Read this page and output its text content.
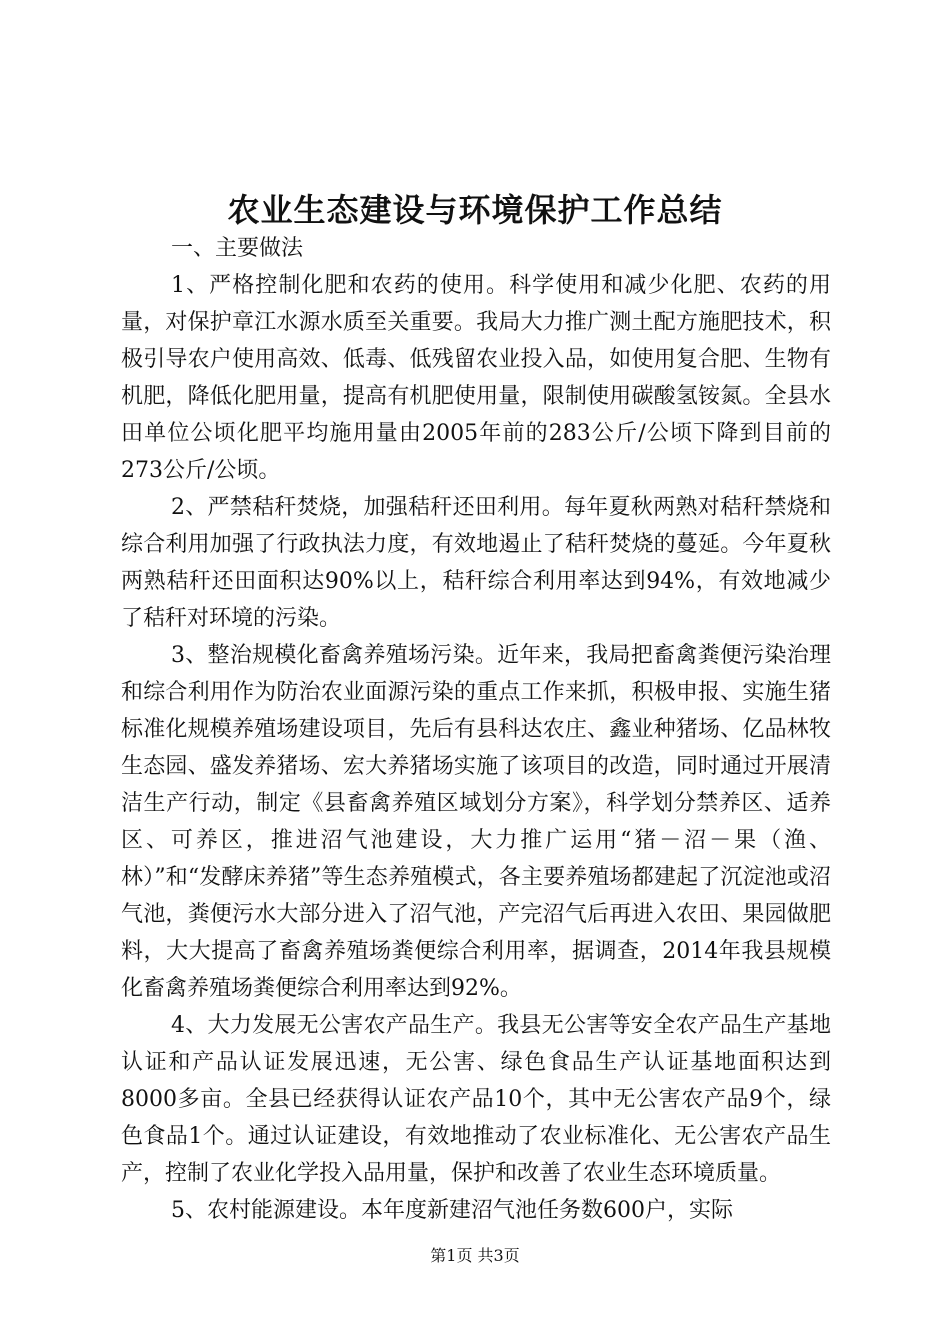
农业生态建设与环境保护工作总结

一、主要做法

1、严格控制化肥和农药的使用。科学使用和减少化肥、农药的用量，对保护章江水源水质至关重要。我局大力推广测土配方施肥技术，积极引导农户使用高效、低毒、低残留农业投入品，如使用复合肥、生物有机肥，降低化肥用量，提高有机肥使用量，限制使用碳酸氢铵氮。全县水田单位公顷化肥平均施用量由2005年前的283公斤/公顷下降到目前的273公斤/公顷。

2、严禁秸秆焚烧，加强秸秆还田利用。每年夏秋两熟对秸秆禁烧和综合利用加强了行政执法力度，有效地遏止了秸秆焚烧的蔓延。今年夏秋两熟秸秆还田面积达90%以上，秸秆综合利用率达到94%，有效地减少了秸秆对环境的污染。

3、整治规模化畜禽养殖场污染。近年来，我局把畜禽粪便污染治理和综合利用作为防治农业面源污染的重点工作来抓，积极申报、实施生猪标准化规模养殖场建设项目，先后有县科达农庄、鑫业种猪场、亿品林牧生态园、盛发养猪场、宏大养猪场实施了该项目的改造，同时通过开展清洁生产行动，制定《县畜禽养殖区域划分方案》，科学划分禁养区、适养区、可养区，推进沼气池建设，大力推广运用“猪－沼－果（渔、林）”和“发酵床养猪”等生态养殖模式，各主要养殖场都建起了沉淀池或沼气池，粪便污水大部分进入了沼气池，产完沼气后再进入农田、果园做肥料，大大提高了畜禽养殖场粪便综合利用率，据调查，2014年我县规模化畜禽养殖场粪便综合利用率达到92%。

4、大力发展无公害农产品生产。我县无公害等安全农产品生产基地认证和产品认证发展迅速，无公害、绿色食品生产认证基地面积达到8000多亩。全县已经获得认证农产品10个，其中无公害农产品9个，绿色食品1个。通过认证建设，有效地推动了农业标准化、无公害农产品生产，控制了农业化学投入品用量，保护和改善了农业生态环境质量。

5、农村能源建设。本年度新建沼气池任务数600户，实际

第1页 共3页
